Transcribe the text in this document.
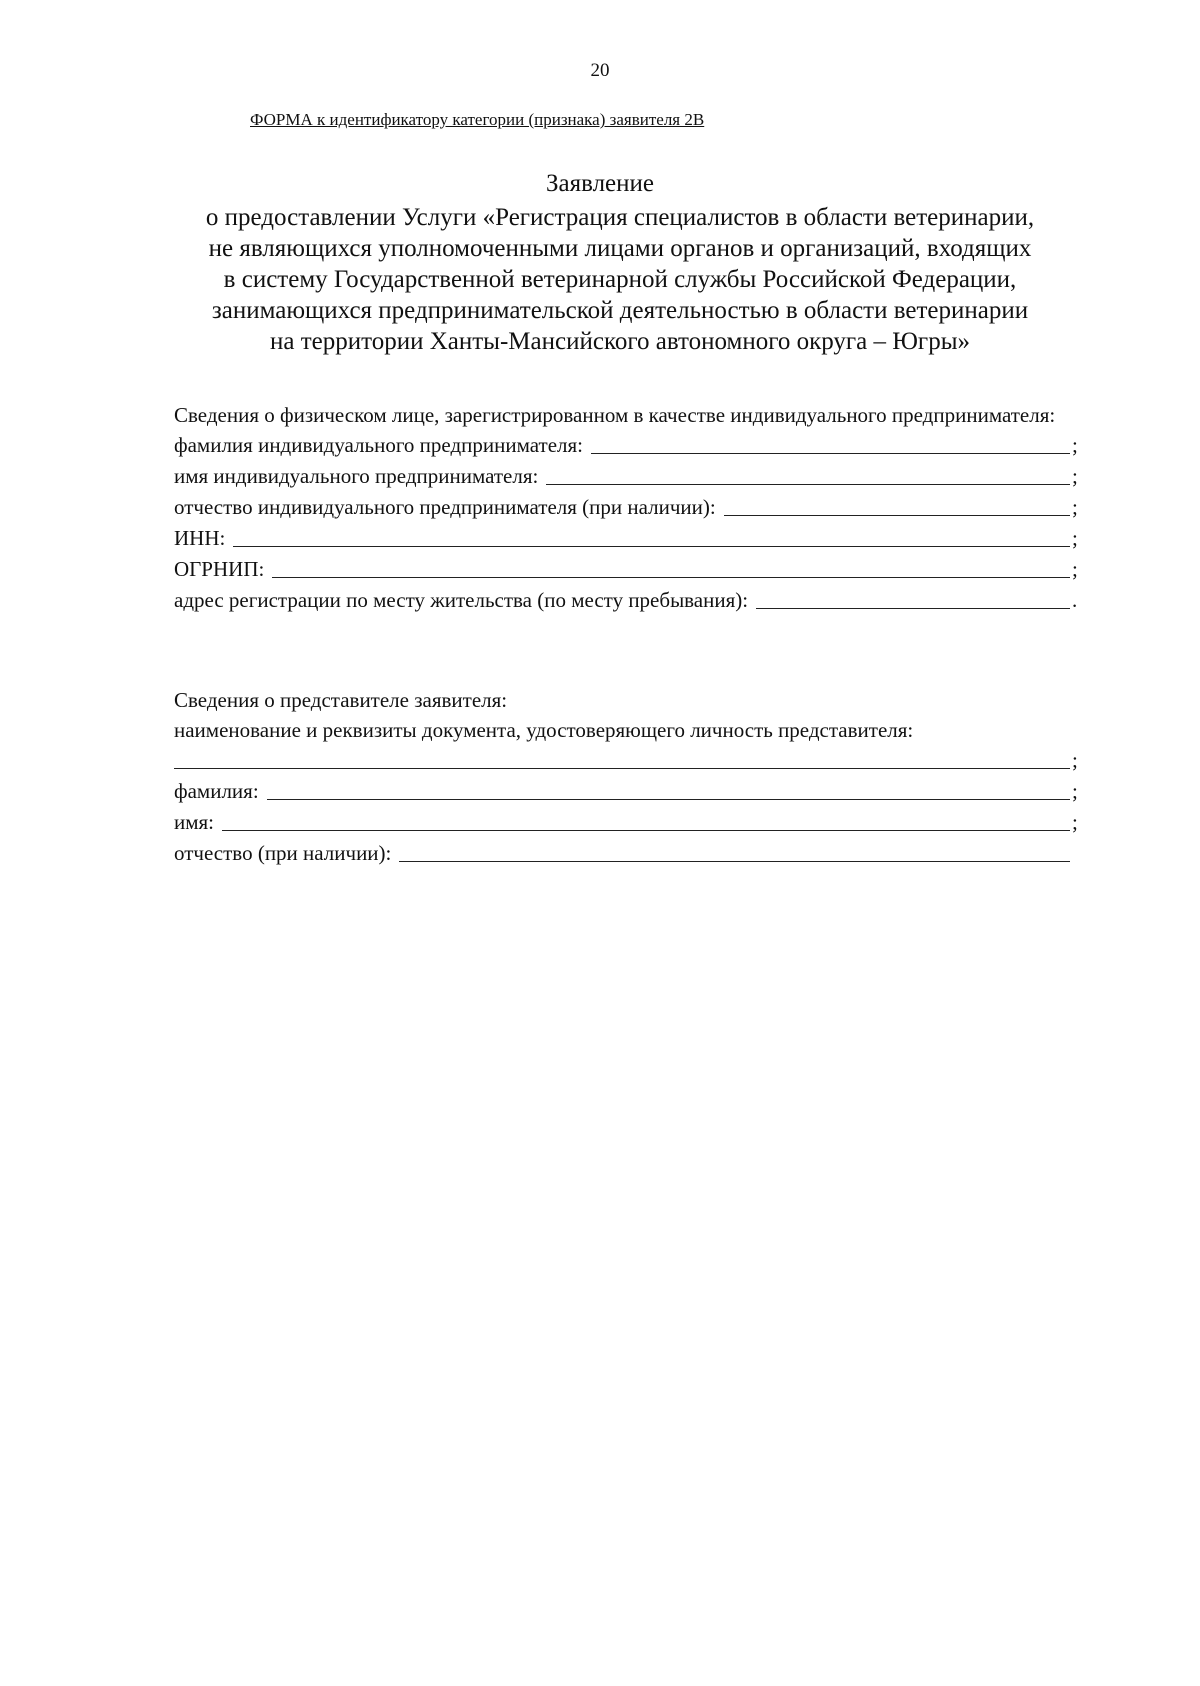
20
ФОРМА к идентификатору категории (признака) заявителя 2В
Заявление
о предоставлении Услуги «Регистрация специалистов в области ветеринарии,
не являющихся уполномоченными лицами органов и организаций, входящих
в систему Государственной ветеринарной службы Российской Федерации,
занимающихся предпринимательской деятельностью в области ветеринарии
на территории Ханты-Мансийского автономного округа – Югры»
Сведения о физическом лице, зарегистрированном в качестве индивидуального предпринимателя:
фамилия индивидуального предпринимателя:	;
имя индивидуального предпринимателя:	;
отчество индивидуального предпринимателя (при наличии):	;
ИНН:	;
ОГРНИП:	;
адрес регистрации по месту жительства (по месту пребывания):	.
Сведения о представителе заявителя:
наименование и реквизиты документа, удостоверяющего личность представителя:
;
фамилия:	;
имя:	;
отчество (при наличии):
